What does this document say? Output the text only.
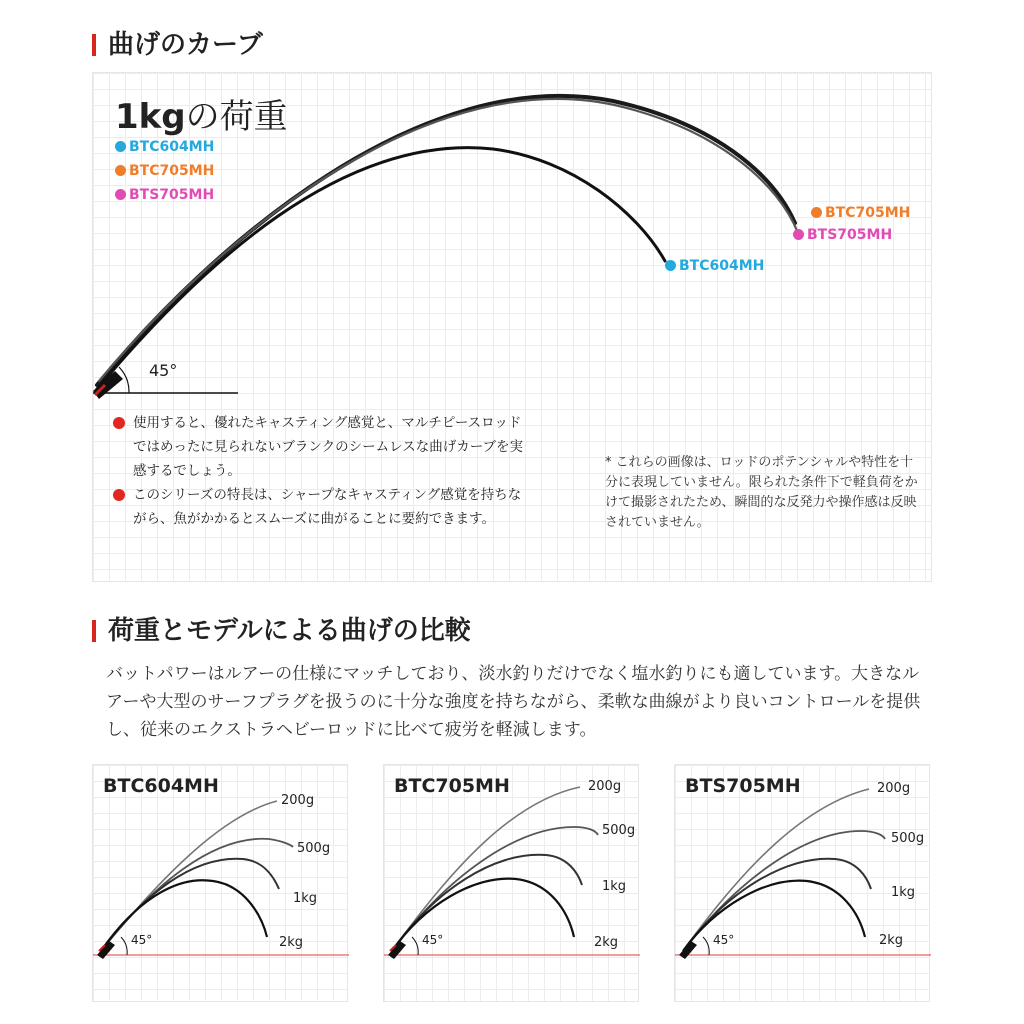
曲げのカーブ
1kgの荷重
BTC604MH
BTC705MH
BTS705MH
BTC705MH
BTS705MH
BTC604MH
45°

使用すると、優れたキャスティング感覚と、マルチピースロッドではめったに見られないブランクのシームレスな曲げカーブを実感するでしょう。

このシリーズの特長は、シャープなキャスティング感覚を持ちながら、魚がかかるとスムーズに曲がることに要約できます。

* これらの画像は、ロッドのポテンシャルや特性を十分に表現していません。限られた条件下で軽負荷をかけて撮影されたため、瞬間的な反発力や操作感は反映されていません。
荷重とモデルによる曲げの比較
バットパワーはルアーの仕様にマッチしており、淡水釣りだけでなく塩水釣りにも適しています。大きなルアーや大型のサーフプラグを扱うのに十分な強度を持ちながら、柔軟な曲線がより良いコントロールを提供し、従来のエクストラヘビーロッドに比べて疲労を軽減します。
BTC604MH
200g
500g
1kg
2kg
45°
BTC705MH	200g
500g
1kg
2kg
45°
BTS705MH	200g
500g
1kg
2kg
45°
